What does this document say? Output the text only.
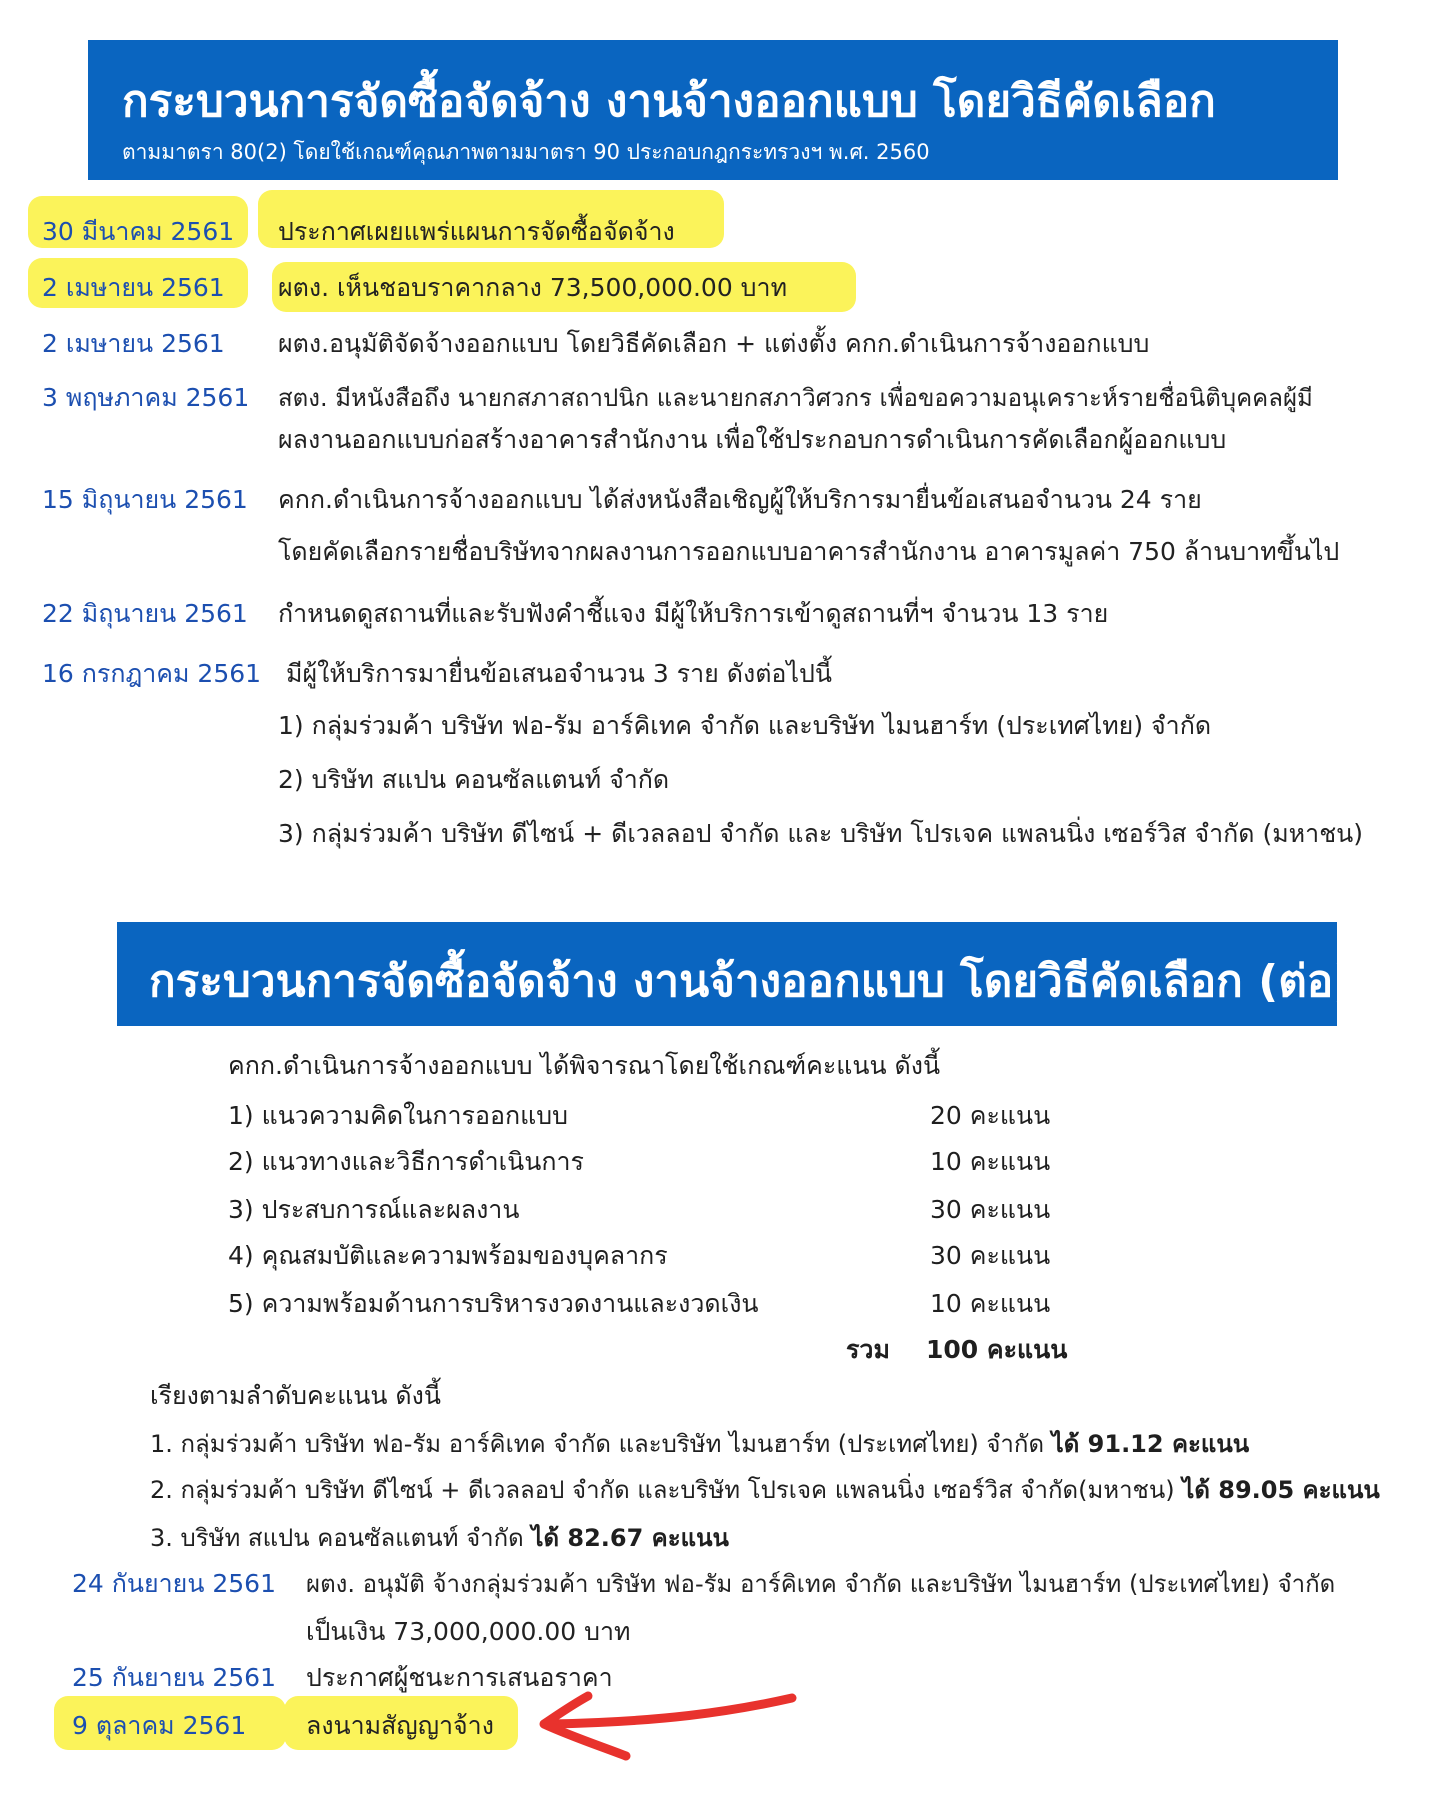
กระบวนการจัดซื้อจัดจ้าง งานจ้างออกแบบ โดยวิธีคัดเลือก
ตามมาตรา 80(2) โดยใช้เกณฑ์คุณภาพตามมาตรา 90 ประกอบกฎกระทรวงฯ พ.ศ. 2560
30 มีนาคม 2561 ประกาศเผยแพร่แผนการจัดซื้อจัดจ้าง
2 เมษายน 2561 ผตง. เห็นชอบราคากลาง 73,500,000.00 บาท
2 เมษายน 2561 ผตง.อนุมัติจัดจ้างออกแบบ โดยวิธีคัดเลือก + แต่งตั้ง คกก.ดำเนินการจ้างออกแบบ
3 พฤษภาคม 2561 สตง. มีหนังสือถึง นายกสภาสถาปนิก และนายกสภาวิศวกร เพื่อขอความอนุเคราะห์รายชื่อนิติบุคคลผู้มี
ผลงานออกแบบก่อสร้างอาคารสำนักงาน เพื่อใช้ประกอบการดำเนินการคัดเลือกผู้ออกแบบ
15 มิถุนายน 2561 คกก.ดำเนินการจ้างออกแบบ ได้ส่งหนังสือเชิญผู้ให้บริการมายื่นข้อเสนอจำนวน 24 ราย
โดยคัดเลือกรายชื่อบริษัทจากผลงานการออกแบบอาคารสำนักงาน อาคารมูลค่า 750 ล้านบาทขึ้นไป
22 มิถุนายน 2561 กำหนดดูสถานที่และรับฟังคำชี้แจง มีผู้ให้บริการเข้าดูสถานที่ฯ จำนวน 13 ราย
16 กรกฎาคม 2561 มีผู้ให้บริการมายื่นข้อเสนอจำนวน 3 ราย ดังต่อไปนี้
1) กลุ่มร่วมค้า บริษัท ฟอ-รัม อาร์คิเทค จำกัด และบริษัท ไมนฮาร์ท (ประเทศไทย) จำกัด
2) บริษัท สแปน คอนซัลแตนท์ จำกัด
3) กลุ่มร่วมค้า บริษัท ดีไซน์ + ดีเวลลอป จำกัด และ บริษัท โปรเจค แพลนนิ่ง เซอร์วิส จำกัด (มหาชน)
กระบวนการจัดซื้อจัดจ้าง งานจ้างออกแบบ โดยวิธีคัดเลือก (ต่อ)
คกก.ดำเนินการจ้างออกแบบ ได้พิจารณาโดยใช้เกณฑ์คะแนน ดังนี้
1) แนวความคิดในการออกแบบ	20 คะแนน
2) แนวทางและวิธีการดำเนินการ	10 คะแนน
3) ประสบการณ์และผลงาน	30 คะแนน
4) คุณสมบัติและความพร้อมของบุคลากร	30 คะแนน
5) ความพร้อมด้านการบริหารงวดงานและงวดเงิน	10 คะแนน
รวม 100 คะแนน
เรียงตามลำดับคะแนน ดังนี้
1. กลุ่มร่วมค้า บริษัท ฟอ-รัม อาร์คิเทค จำกัด และบริษัท ไมนฮาร์ท (ประเทศไทย) จำกัด ได้ 91.12 คะแนน
2. กลุ่มร่วมค้า บริษัท ดีไซน์ + ดีเวลลอป จำกัด และบริษัท โปรเจค แพลนนิ่ง เซอร์วิส จำกัด(มหาชน) ได้ 89.05 คะแนน
3. บริษัท สแปน คอนซัลแตนท์ จำกัด ได้ 82.67 คะแนน
24 กันยายน 2561 ผตง. อนุมัติ จ้างกลุ่มร่วมค้า บริษัท ฟอ-รัม อาร์คิเทค จำกัด และบริษัท ไมนฮาร์ท (ประเทศไทย) จำกัด
เป็นเงิน 73,000,000.00 บาท
25 กันยายน 2561 ประกาศผู้ชนะการเสนอราคา
9 ตุลาคม 2561 ลงนามสัญญาจ้าง
